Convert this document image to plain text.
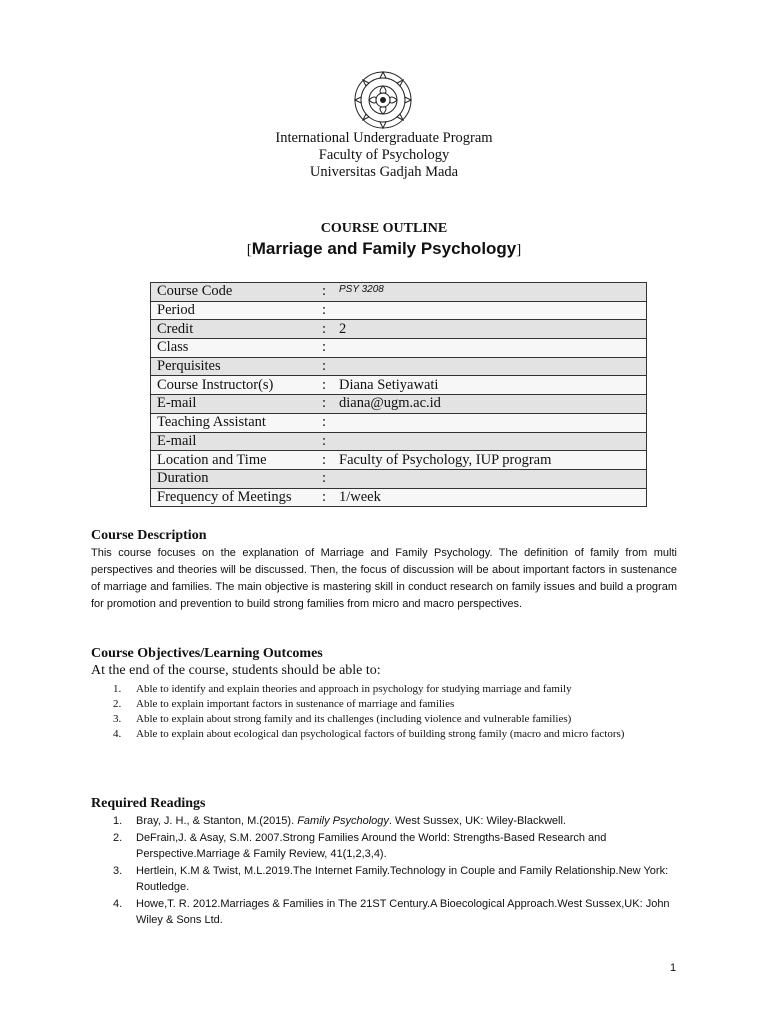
International Undergraduate Program
Faculty of Psychology
Universitas Gadjah Mada
COURSE OUTLINE
[Marriage and Family Psychology]
Course Code	:	PSY 3208
Period	:	
Credit	:	2
Class	:	
Perquisites	:	
Course Instructor(s)	:	Diana Setiyawati
E-mail	:	diana@ugm.ac.id
Teaching Assistant	:	
E-mail	:	
Location and Time	:	Faculty of Psychology, IUP program
Duration	:	
Frequency of Meetings	:	1/week
Course Description
This course focuses on the explanation of Marriage and Family Psychology. The definition of family from multi perspectives and theories will be discussed. Then, the focus of discussion will be about important factors in sustenance of marriage and families. The main objective is mastering skill in conduct research on family issues and build a program for promotion and prevention to build strong families from micro and macro perspectives.
Course Objectives/Learning Outcomes
At the end of the course, students should be able to:
1. Able to identify and explain theories and approach in psychology for studying marriage and family
2. Able to explain important factors in sustenance of marriage and families
3. Able to explain about strong family and its challenges (including violence and vulnerable families)
4. Able to explain about ecological dan psychological factors of building strong family (macro and micro factors)
Required Readings
1. Bray, J. H., & Stanton, M.(2015). Family Psychology. West Sussex, UK: Wiley-Blackwell.
2. DeFrain,J. & Asay, S.M. 2007.Strong Families Around the World: Strengths-Based Research and Perspective.Marriage & Family Review, 41(1,2,3,4).
3. Hertlein, K.M & Twist, M.L.2019.The Internet Family.Technology in Couple and Family Relationship.New York: Routledge.
4. Howe,T. R. 2012.Marriages & Families in The 21ST Century.A Bioecological Approach.West Sussex,UK: John Wiley & Sons Ltd.
1
